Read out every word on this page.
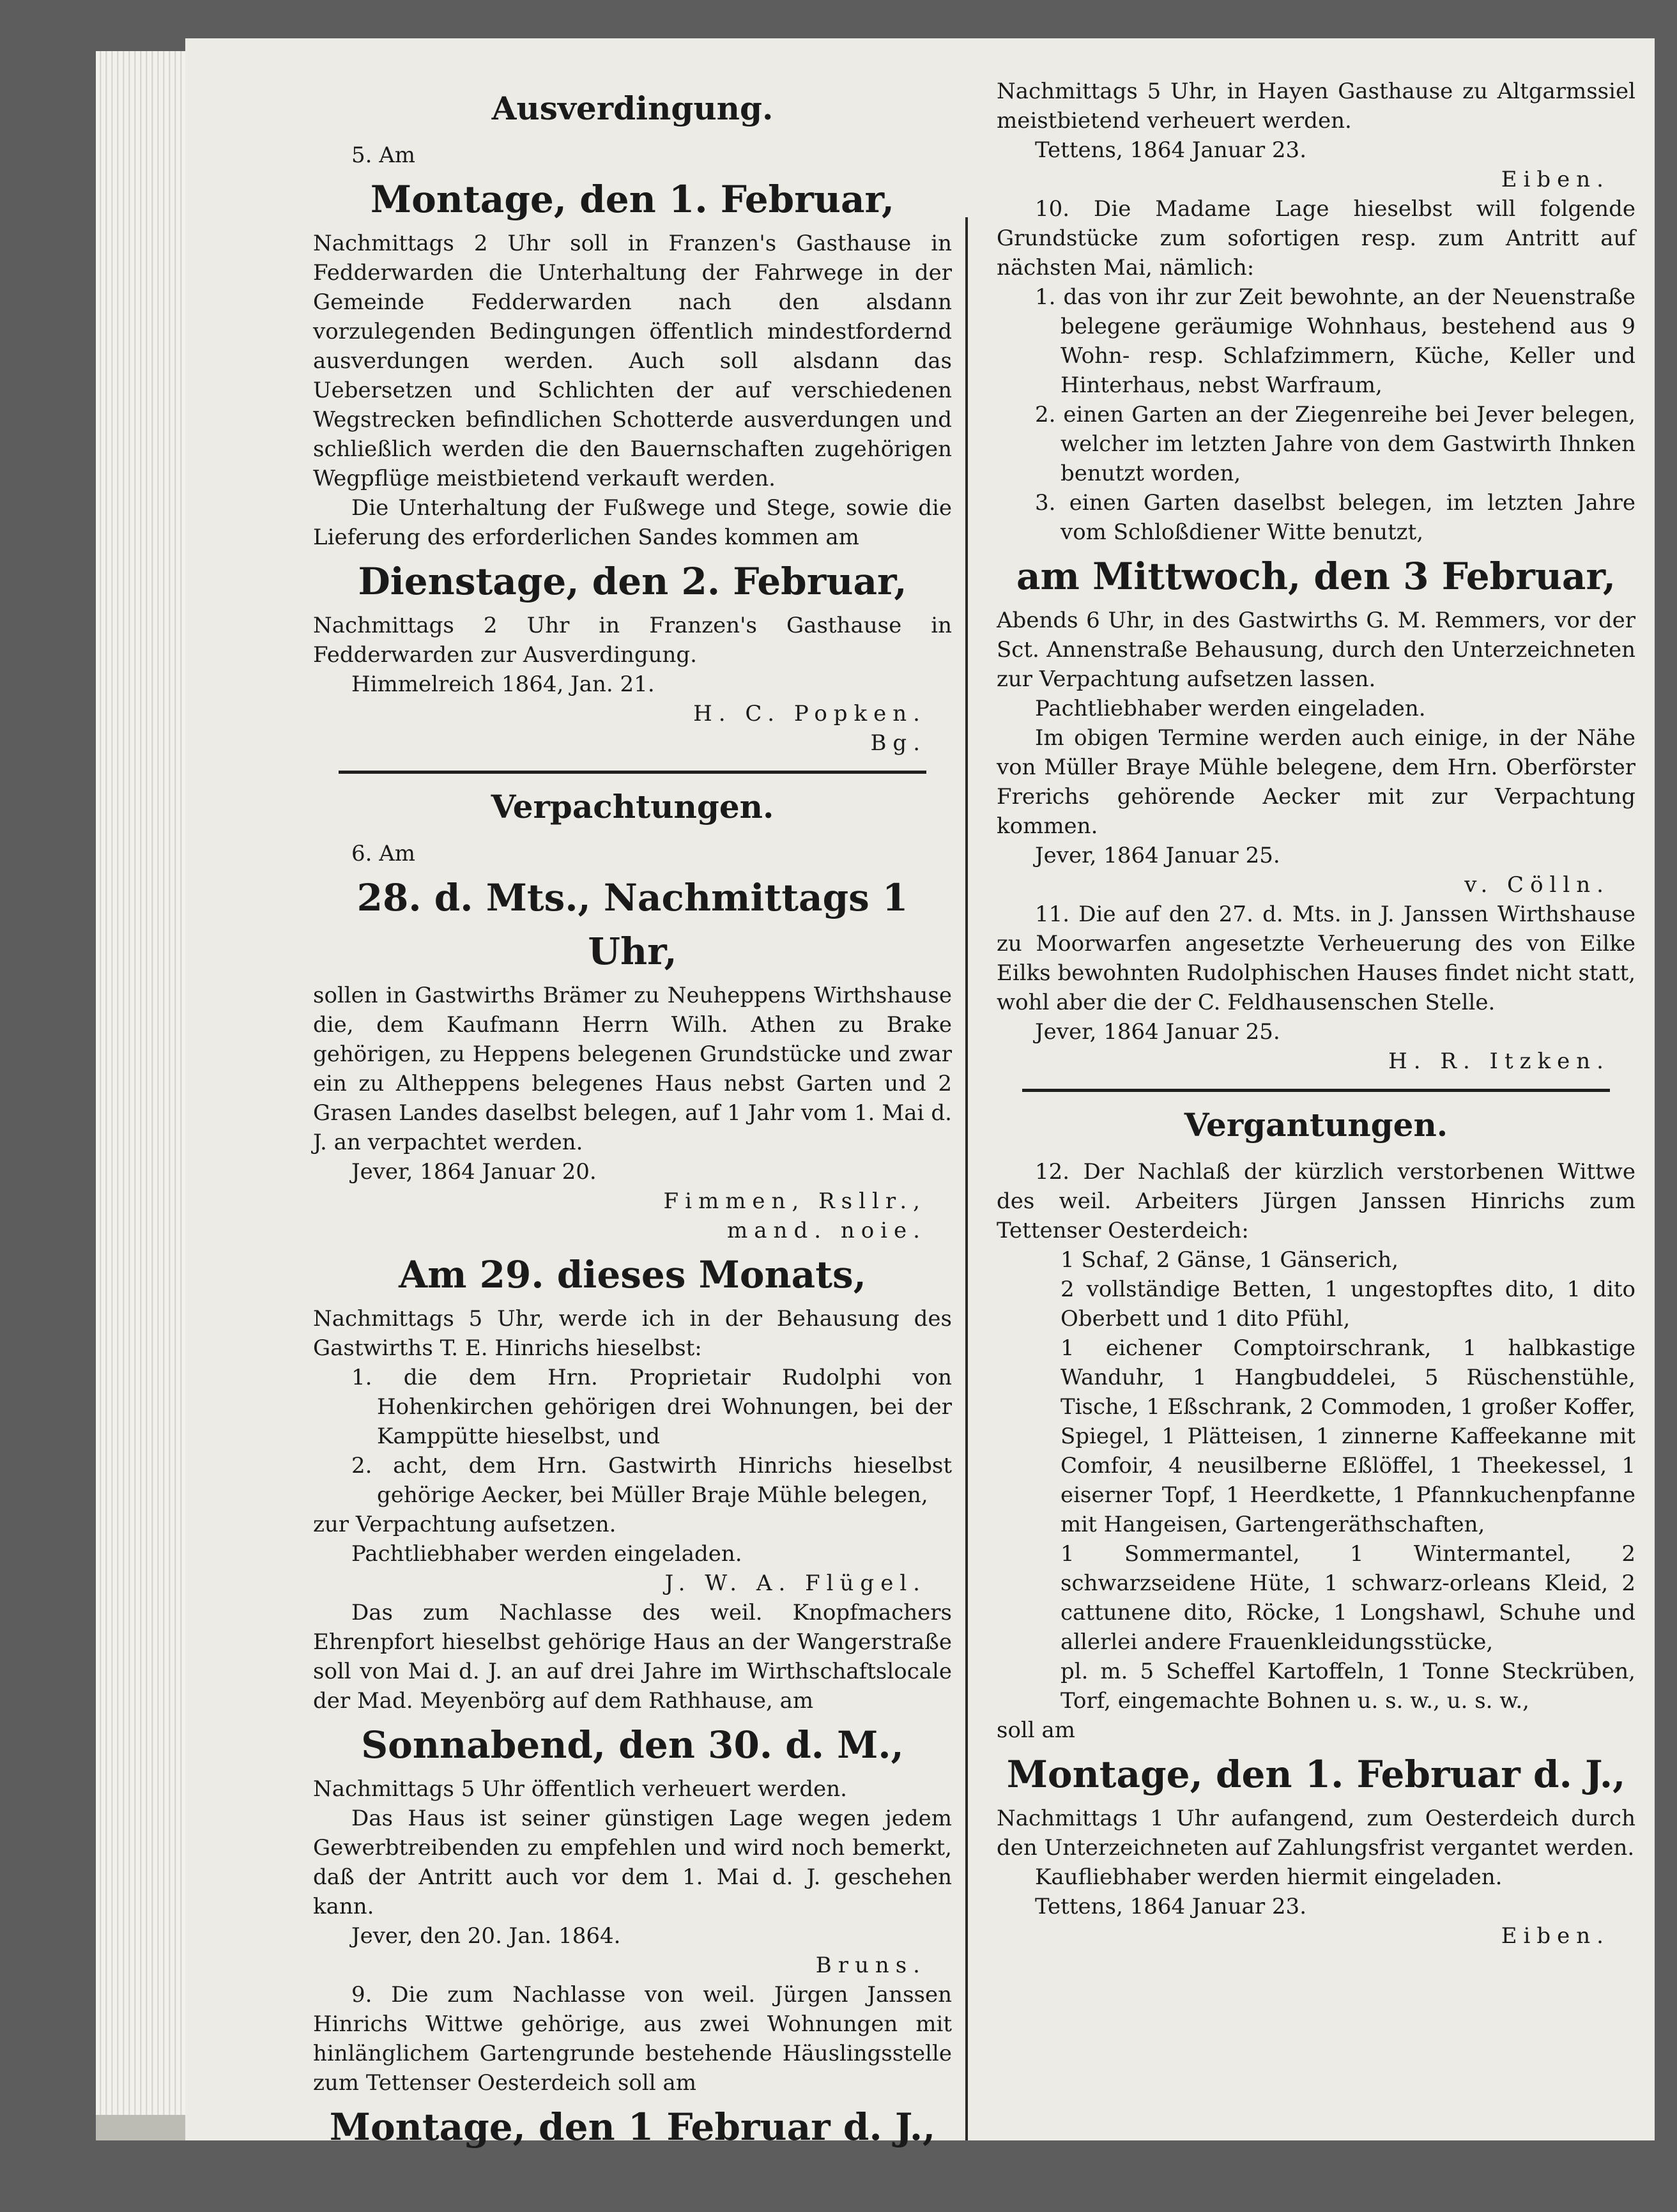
Ausverdingung.

5. Am

Montage, den 1. Februar,

Nachmittags 2 Uhr soll in Franzen's Gasthause in Fedderwarden die Unterhaltung der Fahrwege in der Gemeinde Fedderwarden nach den alsdann vorzulegenden Bedingungen öffentlich mindestfordernd ausverdungen werden. Auch soll alsdann das Uebersetzen und Schlichten der auf verschiedenen Wegstrecken befindlichen Schotterde ausverdungen und schließlich werden die den Bauernschaften zugehörigen Wegpflüge meistbietend verkauft werden.

Die Unterhaltung der Fußwege und Stege, sowie die Lieferung des erforderlichen Sandes kommen am

Dienstage, den 2. Februar,

Nachmittags 2 Uhr in Franzen's Gasthause in Fedderwarden zur Ausverdingung.

Himmelreich 1864, Jan. 21.

H. C. Popken.

Bg.

Verpachtungen.

6. Am

28. d. Mts., Nachmittags 1 Uhr,

sollen in Gastwirths Brämer zu Neuheppens Wirthshause die, dem Kaufmann Herrn Wilh. Athen zu Brake gehörigen, zu Heppens belegenen Grundstücke und zwar ein zu Altheppens belegenes Haus nebst Garten und 2 Grasen Landes daselbst belegen, auf 1 Jahr vom 1. Mai d. J. an verpachtet werden.

Jever, 1864 Januar 20.

Fimmen, Rsllr.,

mand. noie.

Am 29. dieses Monats,

Nachmittags 5 Uhr, werde ich in der Behausung des Gastwirths T. E. Hinrichs hieselbst:

1. die dem Hrn. Proprietair Rudolphi von Hohenkirchen gehörigen drei Wohnungen, bei der Kamppütte hieselbst, und

2. acht, dem Hrn. Gastwirth Hinrichs hieselbst gehörige Aecker, bei Müller Braje Mühle belegen,

zur Verpachtung aufsetzen.

Pachtliebhaber werden eingeladen.

J. W. A. Flügel.

Das zum Nachlasse des weil. Knopfmachers Ehrenpfort hieselbst gehörige Haus an der Wangerstraße soll von Mai d. J. an auf drei Jahre im Wirthschaftslocale der Mad. Meyenbörg auf dem Rathhause, am

Sonnabend, den 30. d. M.,

Nachmittags 5 Uhr öffentlich verheuert werden.

Das Haus ist seiner günstigen Lage wegen jedem Gewerbtreibenden zu empfehlen und wird noch bemerkt, daß der Antritt auch vor dem 1. Mai d. J. geschehen kann.

Jever, den 20. Jan. 1864.

Bruns.

9. Die zum Nachlasse von weil. Jürgen Janssen Hinrichs Wittwe gehörige, aus zwei Wohnungen mit hinlänglichem Gartengrunde bestehende Häuslingsstelle zum Tettenser Oesterdeich soll am

Montage, den 1 Februar d. J.,

Nachmittags 5 Uhr, in Hayen Gasthause zu Altgarmssiel meistbietend verheuert werden.

Tettens, 1864 Januar 23.

Eiben.

10. Die Madame Lage hieselbst will folgende Grundstücke zum sofortigen resp. zum Antritt auf nächsten Mai, nämlich:

1. das von ihr zur Zeit bewohnte, an der Neuenstraße belegene geräumige Wohnhaus, bestehend aus 9 Wohn- resp. Schlafzimmern, Küche, Keller und Hinterhaus, nebst Warfraum,

2. einen Garten an der Ziegenreihe bei Jever belegen, welcher im letzten Jahre von dem Gastwirth Ihnken benutzt worden,

3. einen Garten daselbst belegen, im letzten Jahre vom Schloßdiener Witte benutzt,

am Mittwoch, den 3 Februar,

Abends 6 Uhr, in des Gastwirths G. M. Remmers, vor der Sct. Annenstraße Behausung, durch den Unterzeichneten zur Verpachtung aufsetzen lassen.

Pachtliebhaber werden eingeladen.

Im obigen Termine werden auch einige, in der Nähe von Müller Braye Mühle belegene, dem Hrn. Oberförster Frerichs gehörende Aecker mit zur Verpachtung kommen.

Jever, 1864 Januar 25.

v. Cölln.

11. Die auf den 27. d. Mts. in J. Janssen Wirthshause zu Moorwarfen angesetzte Verheuerung des von Eilke Eilks bewohnten Rudolphischen Hauses findet nicht statt, wohl aber die der C. Feldhausenschen Stelle.

Jever, 1864 Januar 25.

H. R. Itzken.

Vergantungen.

12. Der Nachlaß der kürzlich verstorbenen Wittwe des weil. Arbeiters Jürgen Janssen Hinrichs zum Tettenser Oesterdeich:

1 Schaf, 2 Gänse, 1 Gänserich,

2 vollständige Betten, 1 ungestopftes dito, 1 dito Oberbett und 1 dito Pfühl,

1 eichener Comptoirschrank, 1 halbkastige Wanduhr, 1 Hangbuddelei, 5 Rüschenstühle, Tische, 1 Eßschrank, 2 Commoden, 1 großer Koffer, Spiegel, 1 Plätteisen, 1 zinnerne Kaffeekanne mit Comfoir, 4 neusilberne Eßlöffel, 1 Theekessel, 1 eiserner Topf, 1 Heerdkette, 1 Pfannkuchenpfanne mit Hangeisen, Gartengeräthschaften,

1 Sommermantel, 1 Wintermantel, 2 schwarzseidene Hüte, 1 schwarz-orleans Kleid, 2 cattunene dito, Röcke, 1 Longshawl, Schuhe und allerlei andere Frauenkleidungsstücke,

pl. m. 5 Scheffel Kartoffeln, 1 Tonne Steckrüben, Torf, eingemachte Bohnen u. s. w., u. s. w.,

soll am

Montage, den 1. Februar d. J.,

Nachmittags 1 Uhr aufangend, zum Oesterdeich durch den Unterzeichneten auf Zahlungsfrist vergantet werden.

Kaufliebhaber werden hiermit eingeladen.

Tettens, 1864 Januar 23.

Eiben.
